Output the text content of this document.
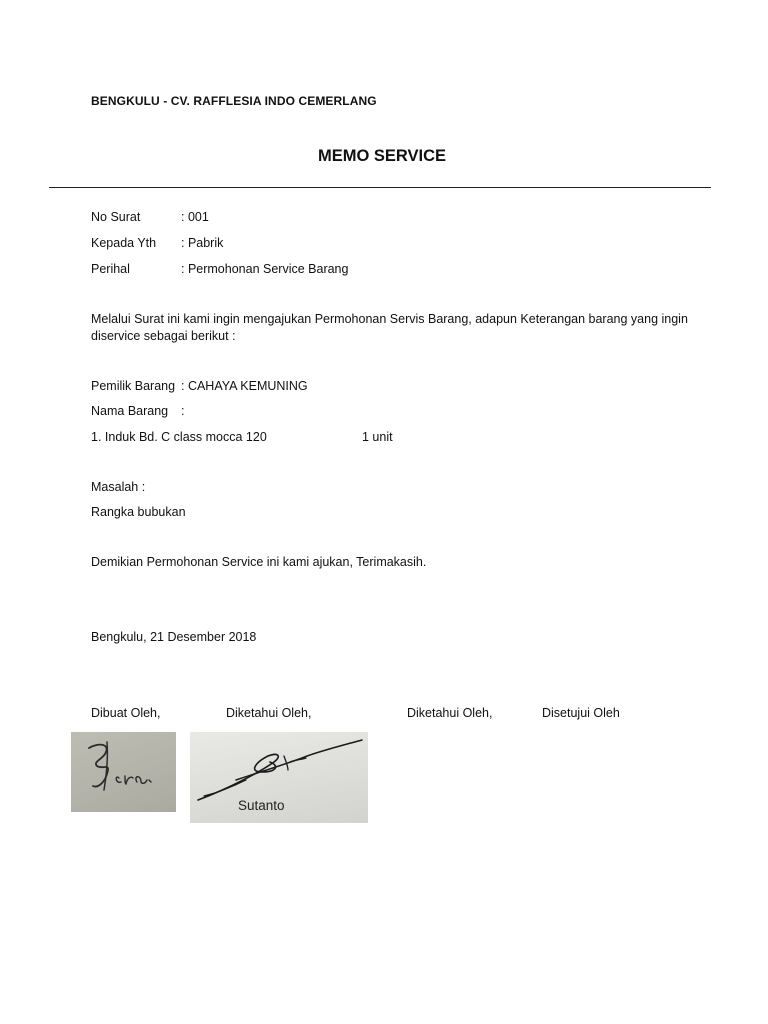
BENGKULU - CV. RAFFLESIA INDO CEMERLANG
MEMO SERVICE
No Surat	: 001
Kepada Yth : Pabrik
Perihal	: Permohonan Service Barang
Melalui Surat ini kami ingin mengajukan Permohonan Servis Barang, adapun Keterangan barang yang ingin diservice sebagai berikut :
Pemilik Barang : CAHAYA KEMUNING
Nama Barang :
1. Induk Bd. C class mocca 120	1 unit
Masalah :
Rangka bubukan
Demikian Permohonan Service ini kami ajukan, Terimakasih.
Bengkulu, 21 Desember 2018
Dibuat Oleh,	Diketahui Oleh,	Diketahui Oleh,	Disetujui Oleh
Sutanto
